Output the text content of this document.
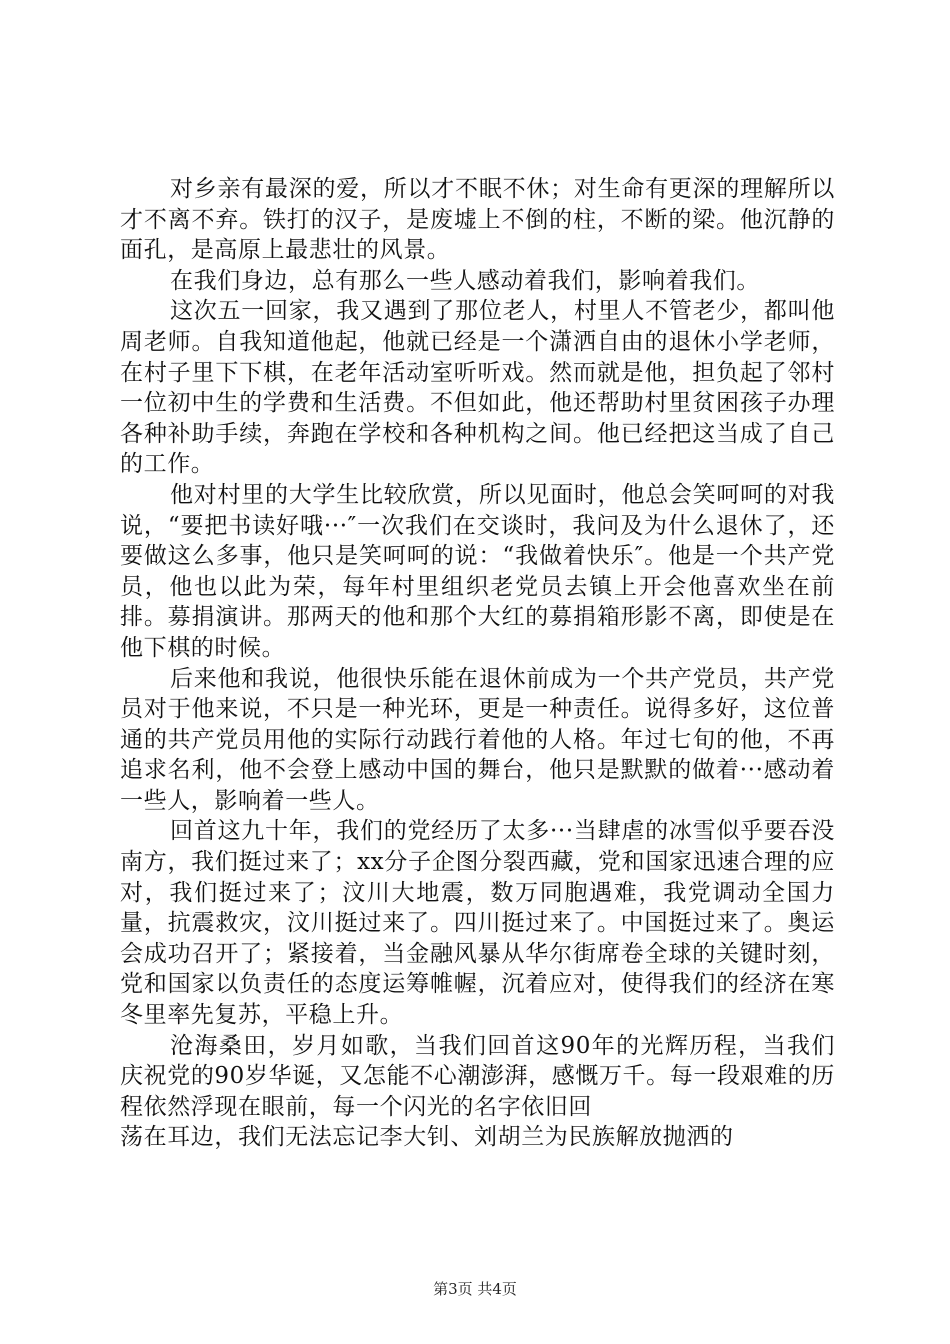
对乡亲有最深的爱，所以才不眠不休；对生命有更深的理解所以才不离不弃。铁打的汉子，是废墟上不倒的柱，不断的梁。他沉静的面孔，是高原上最悲壮的风景。

在我们身边，总有那么一些人感动着我们，影响着我们。

这次五一回家，我又遇到了那位老人，村里人不管老少，都叫他周老师。自我知道他起，他就已经是一个潇洒自由的退休小学老师，在村子里下下棋，在老年活动室听听戏。然而就是他，担负起了邻村一位初中生的学费和生活费。不但如此，他还帮助村里贫困孩子办理各种补助手续，奔跑在学校和各种机构之间。他已经把这当成了自己的工作。

他对村里的大学生比较欣赏，所以见面时，他总会笑呵呵的对我说，“要把书读好哦···″一次我们在交谈时，我问及为什么退休了，还要做这么多事，他只是笑呵呵的说：“我做着快乐″。他是一个共产党员，他也以此为荣，每年村里组织老党员去镇上开会他喜欢坐在前排。募捐演讲。那两天的他和那个大红的募捐箱形影不离，即使是在他下棋的时候。

后来他和我说，他很快乐能在退休前成为一个共产党员，共产党员对于他来说，不只是一种光环，更是一种责任。说得多好，这位普通的共产党员用他的实际行动践行着他的人格。年过七旬的他，不再追求名利，他不会登上感动中国的舞台，他只是默默的做着···感动着一些人，影响着一些人。

回首这九十年，我们的党经历了太多···当肆虐的冰雪似乎要吞没南方，我们挺过来了；xx分子企图分裂西藏，党和国家迅速合理的应对，我们挺过来了；汶川大地震，数万同胞遇难，我党调动全国力量，抗震救灾，汶川挺过来了。四川挺过来了。中国挺过来了。奥运会成功召开了；紧接着，当金融风暴从华尔街席卷全球的关键时刻，党和国家以负责任的态度运筹帷幄，沉着应对，使得我们的经济在寒冬里率先复苏，平稳上升。

沧海桑田，岁月如歌，当我们回首这90年的光辉历程，当我们庆祝党的90岁华诞，又怎能不心潮澎湃，感慨万千。每一段艰难的历程依然浮现在眼前，每一个闪光的名字依旧回

荡在耳边，我们无法忘记李大钊、刘胡兰为民族解放抛洒的

第3页 共4页
